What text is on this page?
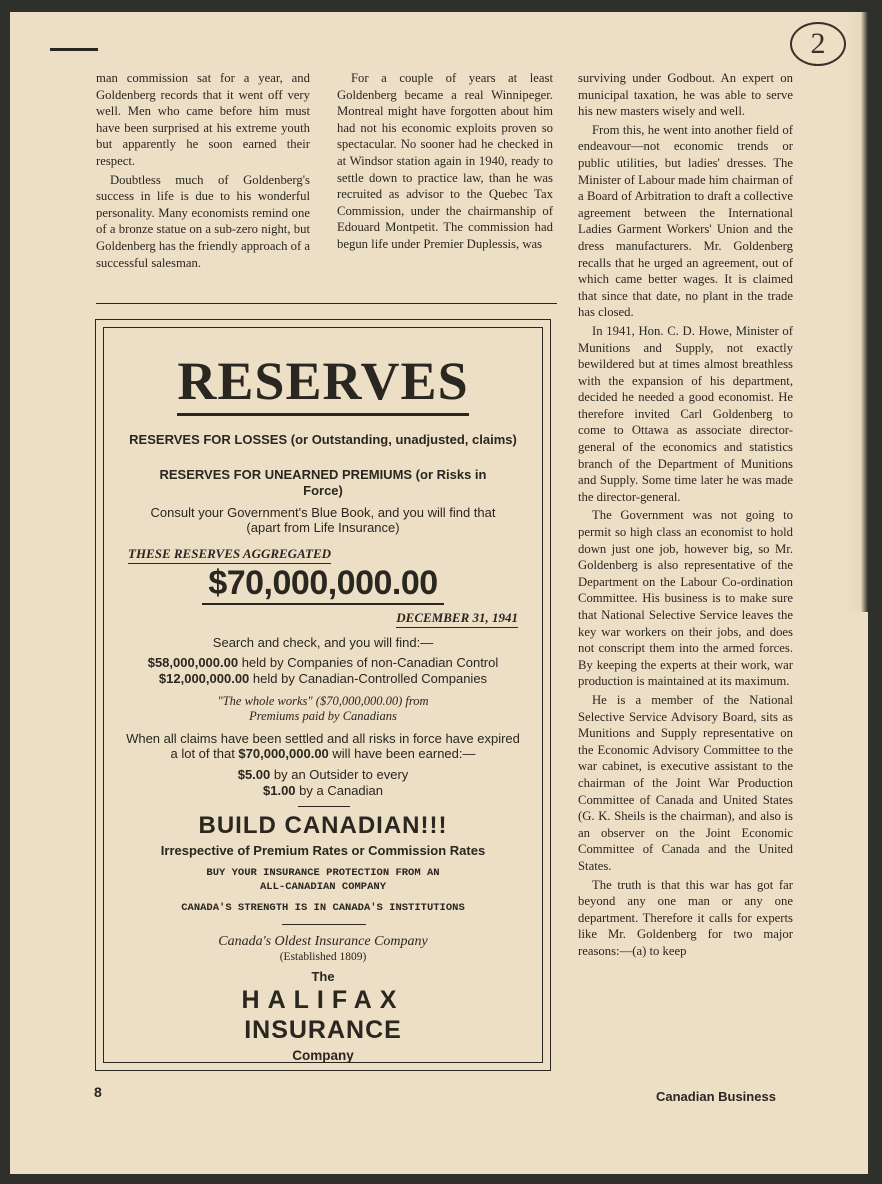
2

man commission sat for a year, and Goldenberg records that it went off very well. Men who came before him must have been surprised at his extreme youth but apparently he soon earned their respect.

Doubtless much of Goldenberg's success in life is due to his wonderful personality. Many economists remind one of a bronze statue on a sub-zero night, but Goldenberg has the friendly approach of a successful salesman.

For a couple of years at least Goldenberg became a real Winnipeger. Montreal might have forgotten about him had not his economic exploits proven so spectacular. No sooner had he checked in at Windsor station again in 1940, ready to settle down to practice law, than he was recruited as advisor to the Quebec Tax Commission, under the chairmanship of Edouard Montpetit. The commission had begun life under Premier Duplessis, was

surviving under Godbout. An expert on municipal taxation, he was able to serve his new masters wisely and well.

From this, he went into another field of endeavour—not economic trends or public utilities, but ladies' dresses. The Minister of Labour made him chairman of a Board of Arbitration to draft a collective agreement between the International Ladies Garment Workers' Union and the dress manufacturers. Mr. Goldenberg recalls that he urged an agreement, out of which came better wages. It is claimed that since that date, no plant in the trade has closed.

In 1941, Hon. C. D. Howe, Minister of Munitions and Supply, not exactly bewildered but at times almost breathless with the expansion of his department, decided he needed a good economist. He therefore invited Carl Goldenberg to come to Ottawa as associate director-general of the economics and statistics branch of the Department of Munitions and Supply. Some time later he was made the director-general.

The Government was not going to permit so high class an economist to hold down just one job, however big, so Mr. Goldenberg is also representative of the Department on the Labour Co-ordination Committee. His business is to make sure that National Selective Service leaves the key war workers on their jobs, and does not conscript them into the armed forces. By keeping the experts at their work, war production is maintained at its maximum.

He is a member of the National Selective Service Advisory Board, sits as Munitions and Supply representative on the Economic Advisory Committee to the war cabinet, is executive assistant to the chairman of the Joint War Production Committee of Canada and United States (G. K. Sheils is the chairman), and also is an observer on the Joint Economic Committee of Canada and the United States.

The truth is that this war has got far beyond any one man or any one department. Therefore it calls for experts like Mr. Goldenberg for two major reasons:—(a) to keep

RESERVES
RESERVES FOR LOSSES (or Outstanding, unadjusted, claims)
RESERVES FOR UNEARNED PREMIUMS (or Risks in Force)
Consult your Government's Blue Book, and you will find that (apart from Life Insurance)
THESE RESERVES AGGREGATED
$70,000,000.00
DECEMBER 31, 1941
Search and check, and you will find:—
$58,000,000.00 held by Companies of non-Canadian Control
$12,000,000.00 held by Canadian-Controlled Companies
"The whole works" ($70,000,000.00) from Premiums paid by Canadians
When all claims have been settled and all risks in force have expired a lot of that $70,000,000.00 will have been earned:—
$5.00 by an Outsider to every
$1.00 by a Canadian
BUILD CANADIAN!!!
Irrespective of Premium Rates or Commission Rates
BUY YOUR INSURANCE PROTECTION FROM AN ALL-CANADIAN COMPANY
CANADA'S STRENGTH IS IN CANADA'S INSTITUTIONS
Canada's Oldest Insurance Company
(Established 1809)
The
HALIFAX
INSURANCE
Company
8	Canadian Business
